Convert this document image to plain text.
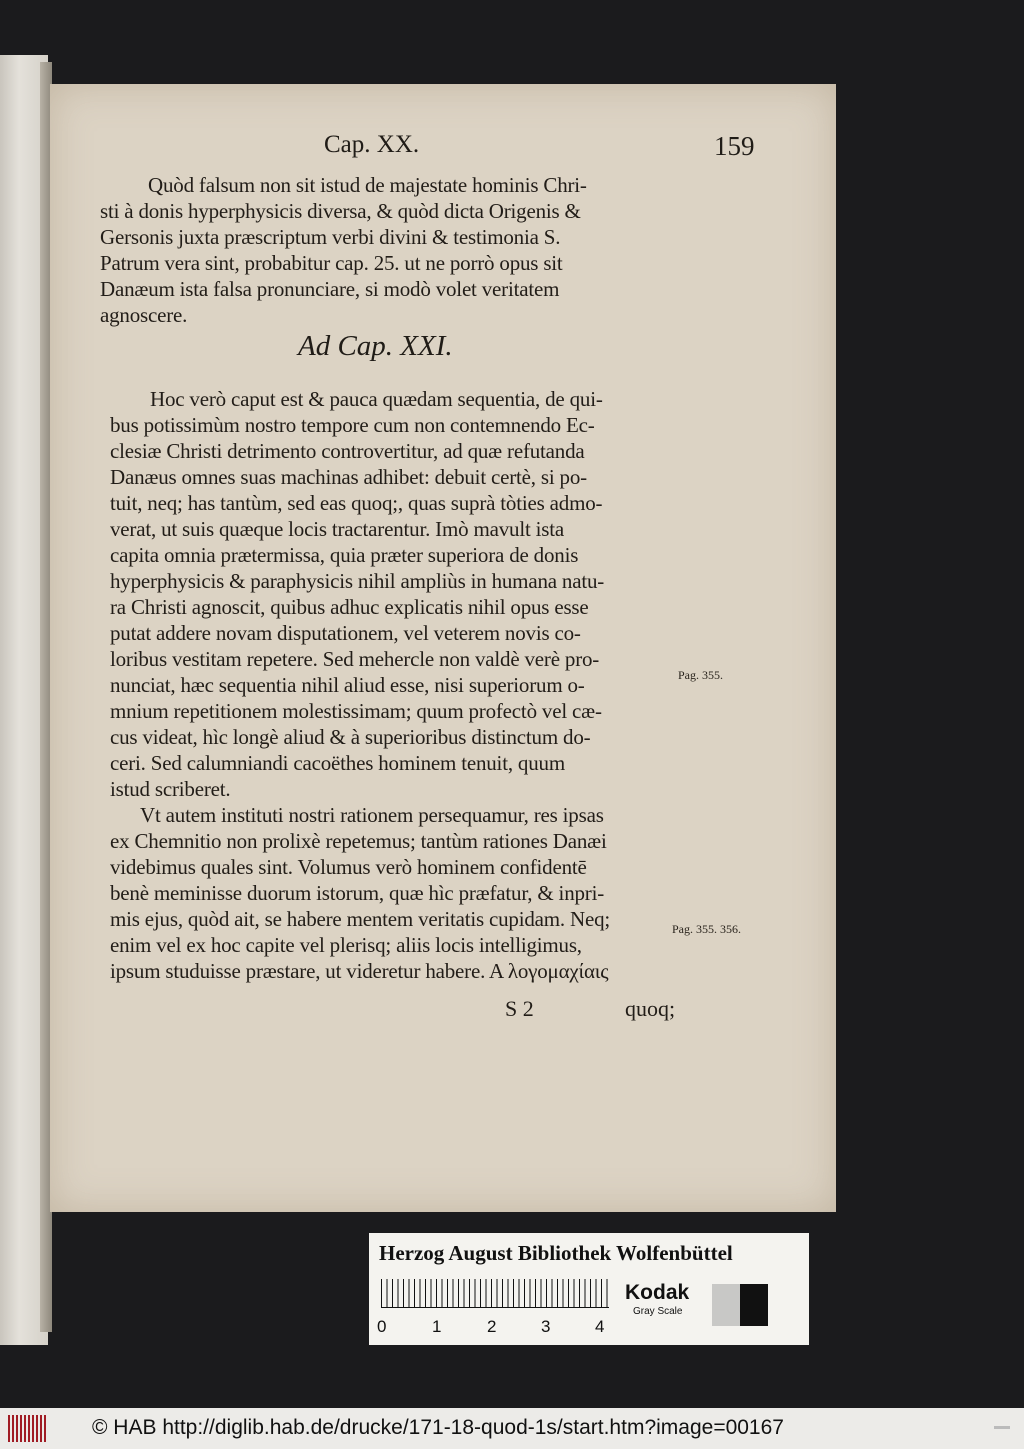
Cap. XX.	159
Quòd falsum non sit istud de majestate hominis Chri-
sti à donis hyperphysicis diversa, & quòd dicta Origenis &
Gersonis juxta præscriptum verbi divini & testimonia S.
Patrum vera sint, probabitur cap. 25. ut ne porrò opus sit
Danæum ista falsa pronunciare, si modò volet veritatem
agnoscere.
Ad Cap. XXI.
Hoc verò caput est & pauca quædam sequentia, de qui-
bus potissimùm nostro tempore cum non contemnendo Ec-
clesiæ Christi detrimento controvertitur, ad quæ refutanda
Danæus omnes suas machinas adhibet: debuit certè, si po-
tuit, neq; has tantùm, sed eas quoq;, quas suprà tòties admo-
verat, ut suis quæque locis tractarentur. Imò mavult ista
capita omnia prætermissa, quia præter superiora de donis
hyperphysicis & paraphysicis nihil ampliùs in humana natu-
ra Christi agnoscit, quibus adhuc explicatis nihil opus esse
putat addere novam disputationem, vel veterem novis co-
loribus vestitam repetere. Sed mehercle non valdè verè pro-
nunciat, hæc sequentia nihil aliud esse, nisi superiorum o-
mnium repetitionem molestissimam; quum profectò vel cæ-
cus videat, hìc longè aliud & à superioribus distinctum do-
ceri. Sed calumniandi cacoëthes hominem tenuit, quum
istud scriberet.
Vt autem instituti nostri rationem persequamur, res ipsas
ex Chemnitio non prolixè repetemus; tantùm rationes Danæi
videbimus quales sint. Volumus verò hominem confidentē
benè meminisse duorum istorum, quæ hìc præfatur, & inpri-
mis ejus, quòd ait, se habere mentem veritatis cupidam. Neq;
enim vel ex hoc capite vel plerisq; aliis locis intelligimus,
ipsum studuisse præstare, ut videretur habere. A λογομαχίαις
Pag. 355.
Pag. 355. 356.
S 2	quoq;
Herzog August Bibliothek Wolfenbüttel
0	1	2	3	4
Kodak
Gray Scale
© HAB http://diglib.hab.de/drucke/171-18-quod-1s/start.htm?image=00167
